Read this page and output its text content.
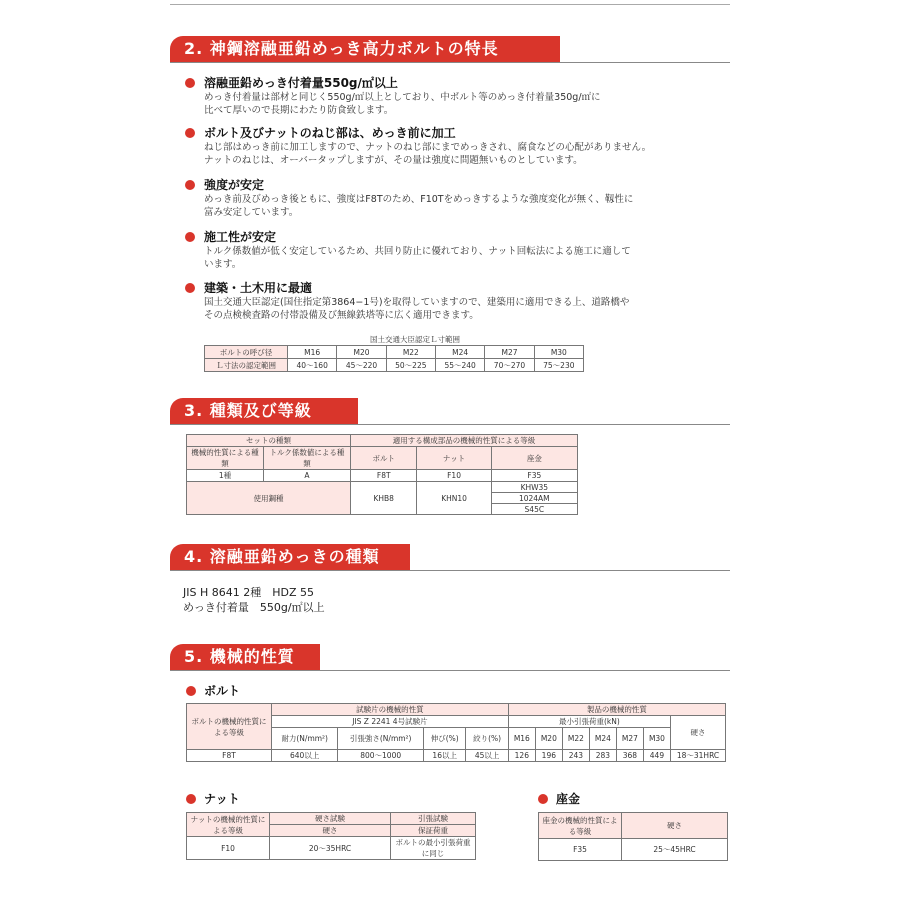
2. 神鋼溶融亜鉛めっき高力ボルトの特長
溶融亜鉛めっき付着量550g/㎡以上
めっき付着量は部材と同じく550g/㎡以上としており、中ボルト等のめっき付着量350g/㎡に
比べて厚いので長期にわたり防食致します。
ボルト及びナットのねじ部は、めっき前に加工
ねじ部はめっき前に加工しますので、ナットのねじ部にまでめっきされ、腐食などの心配がありません。
ナットのねじは、オーバータップしますが、その量は強度に問題無いものとしています。
強度が安定
めっき前及びめっき後ともに、強度はF8Tのため、F10Tをめっきするような強度変化が無く、靱性に
富み安定しています。
施工性が安定
トルク係数値が低く安定しているため、共回り防止に優れており、ナット回転法による施工に適して
います。
建築・土木用に最適
国土交通大臣認定(国住指定第3864−1号)を取得していますので、建築用に適用できる上、道路橋や
その点検検査路の付帯設備及び無線鉄塔等に広く適用できます。
国土交通大臣認定Ｌ寸範囲
ボルトの呼び径	M16	M20	M22	M24	M27	M30
Ｌ寸法の認定範囲	40〜160	45〜220	50〜225	55〜240	70〜270	75〜230
3. 種類及び等級
セットの種類		適用する構成部品の機械的性質による等級		
機械的性質による種類	トルク係数値による種類	ボルト	ナット	座金
1種	A	F8T	F10	F35
使用鋼種		KHB8	KHN10	KHW35
				1024AM
				S45C
4. 溶融亜鉛めっきの種類
JIS H 8641 2種　HDZ 55
めっき付着量　550g/㎡以上
5. 機械的性質
ボルト
ボルトの機械的性質による等級	試験片の機械的性質				製品の機械的性質						
	JIS Z 2241 4号試験片				最小引張荷重(kN)						硬さ
	耐力(N/mm²)	引張強さ(N/mm²)	伸び(%)	絞り(%)	M16	M20	M22	M24	M27	M30	
F8T	640以上	800〜1000	16以上	45以上	126	196	243	283	368	449	18〜31HRC
ナット
ナットの機械的性質による等級	硬さ試験	引張試験
	硬さ	保証荷重
F10	20〜35HRC	ボルトの最小引張荷重に同じ
座金
座金の機械的性質による等級	硬さ
F35	25〜45HRC
